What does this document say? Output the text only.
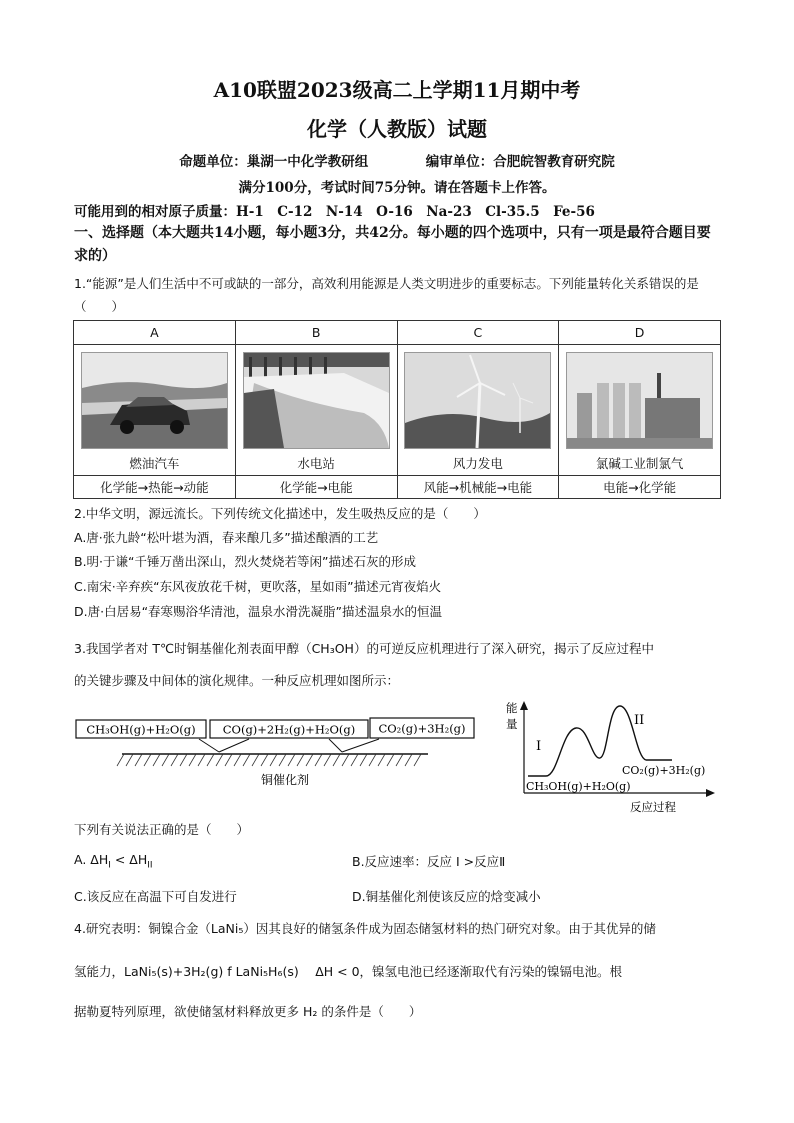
A10联盟2023级高二上学期11月期中考
化学（人教版）试题
命题单位：巢湖一中化学教研组	编审单位：合肥皖智教育研究院
满分100分，考试时间75分钟。请在答题卡上作答。
可能用到的相对原子质量：H-1　C-12　N-14　O-16　Na-23　Cl-35.5　Fe-56
一、选择题（本大题共14小题，每小题3分，共42分。每小题的四个选项中，只有一项是最符合题目要求的）
1.“能源”是人们生活中不可或缺的一部分，高效利用能源是人类文明进步的重要标志。下列能量转化关系错误的是（　　）
A	B	C	D

燃油汽车	水电站	风力发电	氯碱工业制氯气

化学能→热能→动能	化学能→电能	风能→机械能→电能	电能→化学能
2.中华文明，源远流长。下列传统文化描述中，发生吸热反应的是（　　）
A.唐·张九龄“松叶堪为酒，春来酿几多”描述酿酒的工艺
B.明·于谦“千锤万凿出深山，烈火焚烧若等闲”描述石灰的形成
C.南宋·辛弃疾“东风夜放花千树，更吹落，星如雨”描述元宵夜焰火
D.唐·白居易“春寒赐浴华清池，温泉水滑洗凝脂”描述温泉水的恒温
3.我国学者对 T℃时铜基催化剂表面甲醇（CH₃OH）的可逆反应机理进行了深入研究，揭示了反应过程中
的关键步骤及中间体的演化规律。一种反应机理如图所示：
CH₃OH(g)+H₂O(g) CO(g)+2H₂(g)+H₂O(g) CO₂(g)+3H₂(g)
铜催化剂
能
量
I
II
CO₂(g)+3H₂(g)
CH₃OH(g)+H₂O(g)
反应过程
下列有关说法正确的是（　　）
A. $\Delta H_I < \Delta H_{II}$	B.反应速率：反应 I >反应Ⅱ
C.该反应在高温下可自发进行	D.铜基催化剂使该反应的焓变减小
4.研究表明：铜镍合金（LaNi₅）因其良好的储氢条件成为固态储氢材料的热门研究对象。由于其优异的储
氢能力，LaNi₅(s)+3H₂(g) f LaNi₅H₆(s)　 ΔH < 0，镍氢电池已经逐渐取代有污染的镍镉电池。根
据勒夏特列原理，欲使储氢材料释放更多 H₂ 的条件是（　　）
